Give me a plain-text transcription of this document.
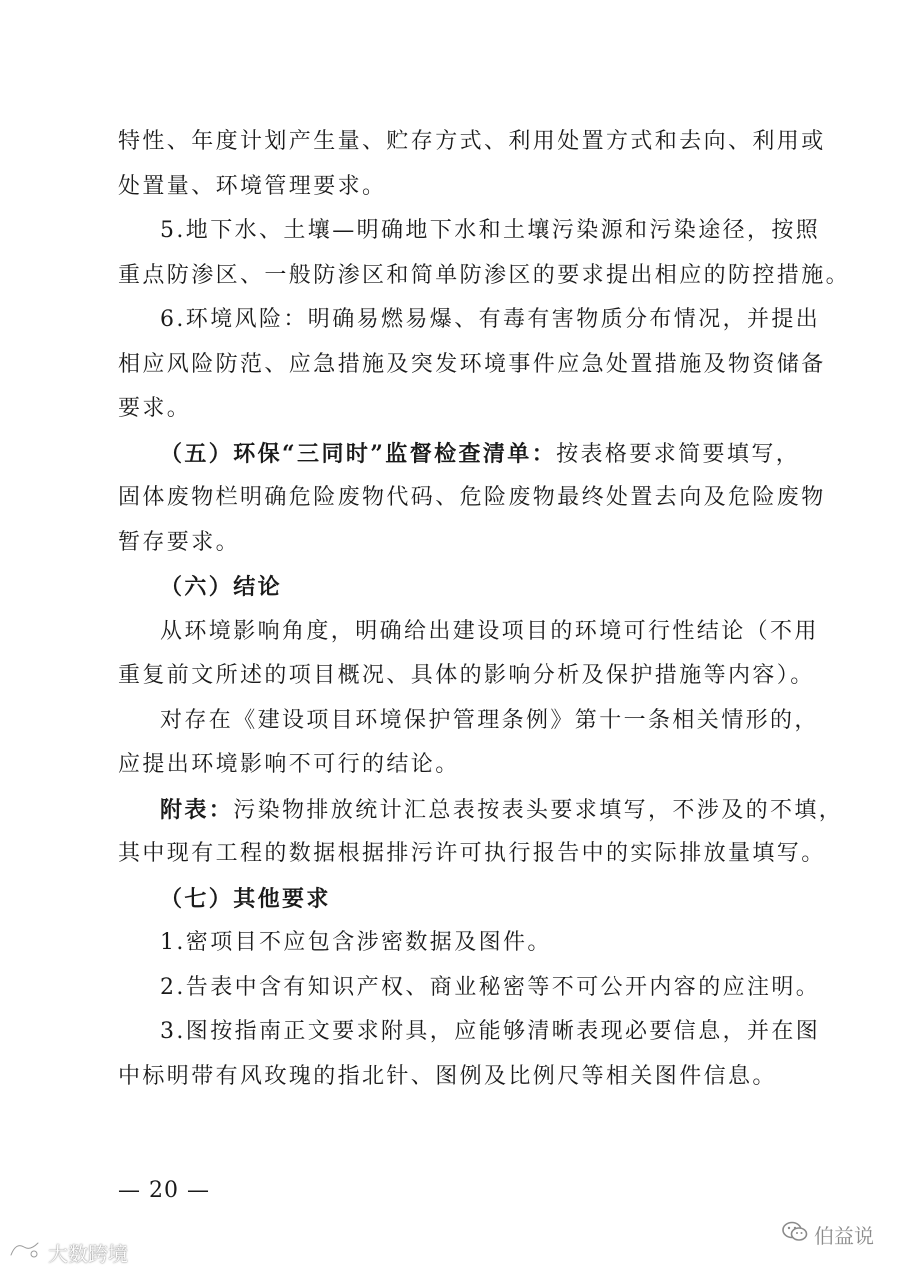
特性、年度计划产生量、贮存方式、利用处置方式和去向、利用或
处置量、环境管理要求。
5.地下水、土壤—明确地下水和土壤污染源和污染途径，按照
重点防渗区、一般防渗区和简单防渗区的要求提出相应的防控措施。
6.环境风险：明确易燃易爆、有毒有害物质分布情况，并提出
相应风险防范、应急措施及突发环境事件应急处置措施及物资储备
要求。
（五）环保“三同时”监督检查清单：按表格要求简要填写，
固体废物栏明确危险废物代码、危险废物最终处置去向及危险废物
暂存要求。
（六）结论
从环境影响角度，明确给出建设项目的环境可行性结论（不用
重复前文所述的项目概况、具体的影响分析及保护措施等内容）。
对存在《建设项目环境保护管理条例》第十一条相关情形的，
应提出环境影响不可行的结论。
附表：污染物排放统计汇总表按表头要求填写，不涉及的不填，
其中现有工程的数据根据排污许可执行报告中的实际排放量填写。
（七）其他要求
1.密项目不应包含涉密数据及图件。
2.告表中含有知识产权、商业秘密等不可公开内容的应注明。
3.图按指南正文要求附具，应能够清晰表现必要信息，并在图
中标明带有风玫瑰的指北针、图例及比例尺等相关图件信息。
— 20 —
伯益说
大数跨境
